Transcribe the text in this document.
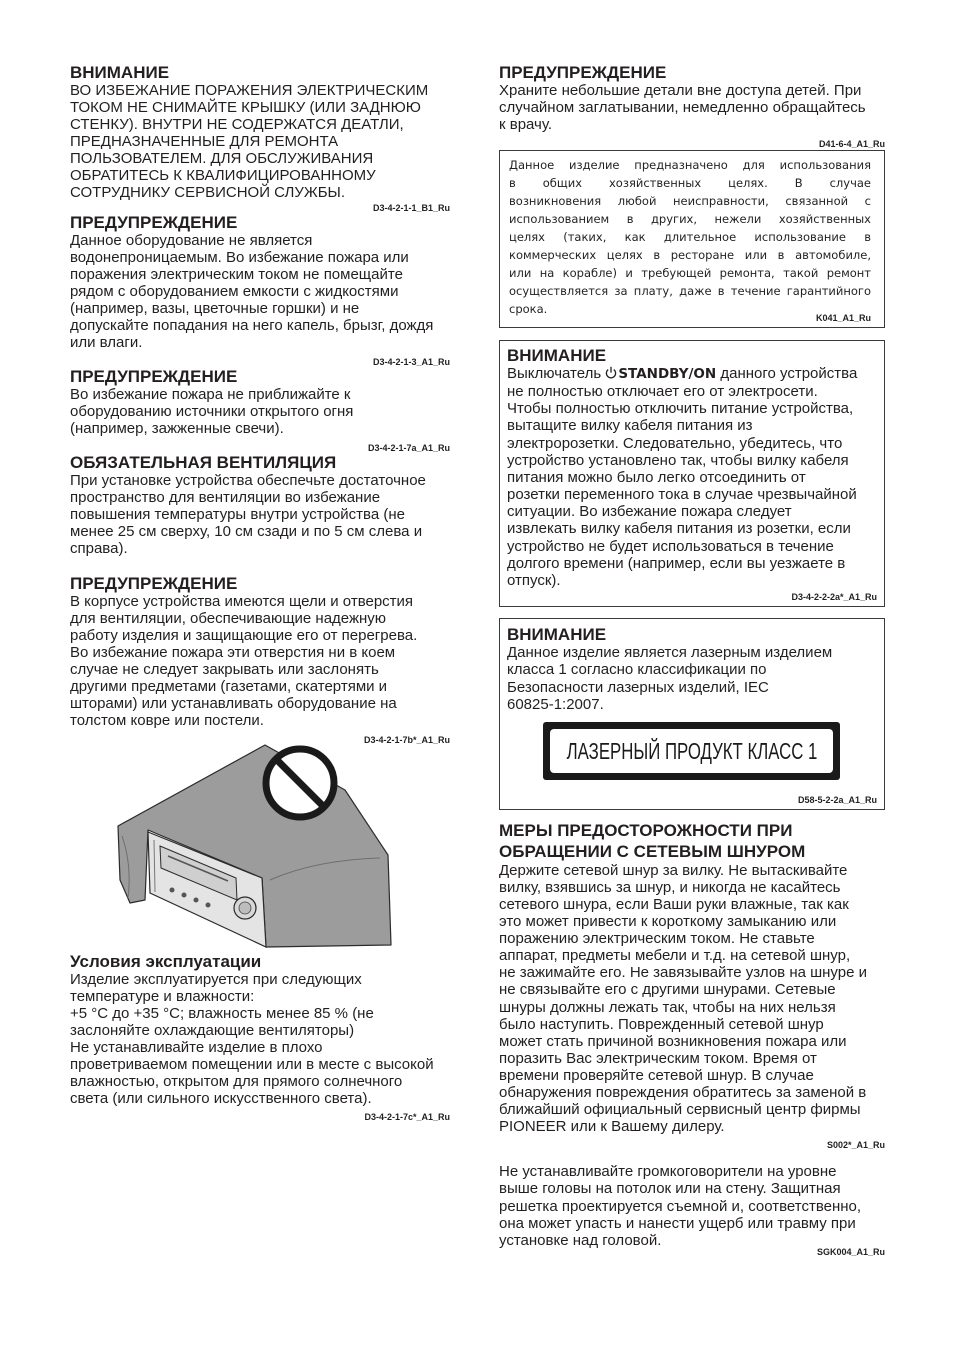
ВНИМАНИЕ
ВО ИЗБЕЖАНИЕ ПОРАЖЕНИЯ ЭЛЕКТРИЧЕСКИМ
ТОКОМ НЕ СНИМАЙТЕ КРЫШКУ (ИЛИ ЗАДНЮЮ
СТЕНКУ). ВНУТРИ НЕ СОДЕРЖАТСЯ ДЕАТЛИ,
ПРЕДНАЗНАЧЕННЫЕ ДЛЯ РЕМОНТА
ПОЛЬЗОВАТЕЛЕМ. ДЛЯ ОБСЛУЖИВАНИЯ
ОБРАТИТЕСЬ К КВАЛИФИЦИРОВАННОМУ
СОТРУДНИКУ СЕРВИСНОЙ СЛУЖБЫ.
D3-4-2-1-1_B1_Ru
ПРЕДУПРЕЖДЕНИЕ
Данное оборудование не является
водонепроницаемым. Во избежание пожара или
поражения электрическим током не помещайте
рядом с оборудованием емкости с жидкостями
(например, вазы, цветочные горшки) и не
допускайте попадания на него капель, брызг, дождя
или влаги.
D3-4-2-1-3_A1_Ru
ПРЕДУПРЕЖДЕНИЕ
Во избежание пожара не приближайте к
оборудованию источники открытого огня
(например, зажженные свечи).
D3-4-2-1-7a_A1_Ru
ОБЯЗАТЕЛЬНАЯ ВЕНТИЛЯЦИЯ
При установке устройства обеспечьте достаточное
пространство для вентиляции во избежание
повышения температуры внутри устройства (не
менее 25 см сверху, 10 см сзади и по 5 см слева и
справа).
ПРЕДУПРЕЖДЕНИЕ
В корпусе устройства имеются щели и отверстия
для вентиляции, обеспечивающие надежную
работу изделия и защищающие его от перегрева.
Во избежание пожара эти отверстия ни в коем
случае не следует закрывать или заслонять
другими предметами (газетами, скатертями и
шторами) или устанавливать оборудование на
толстом ковре или постели.
D3-4-2-1-7b*_A1_Ru
Условия эксплуатации
Изделие эксплуатируется при следующих
температуре и влажности:
+5 °C до +35 °C; влажность менее 85 % (не
заслоняйте охлаждающие вентиляторы)
Не устанавливайте изделие в плохо
проветриваемом помещении или в месте с высокой
влажностью, открытом для прямого солнечного
света (или сильного искусственного света).
D3-4-2-1-7c*_A1_Ru
ПРЕДУПРЕЖДЕНИЕ
Храните небольшие детали вне доступа детей. При
случайном заглатывании, немедленно обращайтесь
к врачу.
D41-6-4_A1_Ru
Данное изделие предназначено для использования
в общих хозяйственных целях. В случае
возникновения любой неисправности, связанной с
использованием в других, нежели хозяйственных
целях (таких, как длительное использование в
коммерческих целях в ресторане или в автомобиле,
или на корабле) и требующей ремонта, такой ремонт
осуществляется за плату, даже в течение гарантийного
срока.
K041_A1_Ru
ВНИМАНИЕ
Выключатель STANDBY/ON данного устройства
не полностью отключает его от электросети.
Чтобы полностью отключить питание устройства,
вытащите вилку кабеля питания из
электророзетки. Следовательно, убедитесь, что
устройство установлено так, чтобы вилку кабеля
питания можно было легко отсоединить от
розетки переменного тока в случае чрезвычайной
ситуации. Во избежание пожара следует
извлекать вилку кабеля питания из розетки, если
устройство не будет использоваться в течение
долгого времени (например, если вы уезжаете в
отпуск).
D3-4-2-2-2a*_A1_Ru
ВНИМАНИЕ
Данное изделие является лазерным изделием
класса 1 согласно классификации по
Безопасности лазерных изделий, IEC
60825-1:2007.
ЛАЗЕРНЫЙ ПРОДУКТ КЛАСС 1
D58-5-2-2a_A1_Ru
МЕРЫ ПРЕДОСТОРОЖНОСТИ ПРИ
ОБРАЩЕНИИ С СЕТЕВЫМ ШНУРОМ
Держите сетевой шнур за вилку. Не вытаскивайте
вилку, взявшись за шнур, и никогда не касайтесь
сетевого шнура, если Ваши руки влажные, так как
это может привести к короткому замыканию или
поражению электрическим током. Не ставьте
аппарат, предметы мебели и т.д. на сетевой шнур,
не зажимайте его. Не завязывайте узлов на шнуре и
не связывайте его с другими шнурами. Сетевые
шнуры должны лежать так, чтобы на них нельзя
было наступить. Поврежденный сетевой шнур
может стать причиной возникновения пожара или
поразить Вас электрическим током. Время от
времени проверяйте сетевой шнур. В случае
обнаружения повреждения обратитесь за заменой в
ближайший официальный сервисный центр фирмы
PIONEER или к Вашему дилеру.
S002*_A1_Ru
Не устанавливайте громкоговорители на уровне
выше головы на потолок или на стену. Защитная
решетка проектируется съемной и, соответственно,
она может упасть и нанести ущерб или травму при
установке над головой.
SGK004_A1_Ru
